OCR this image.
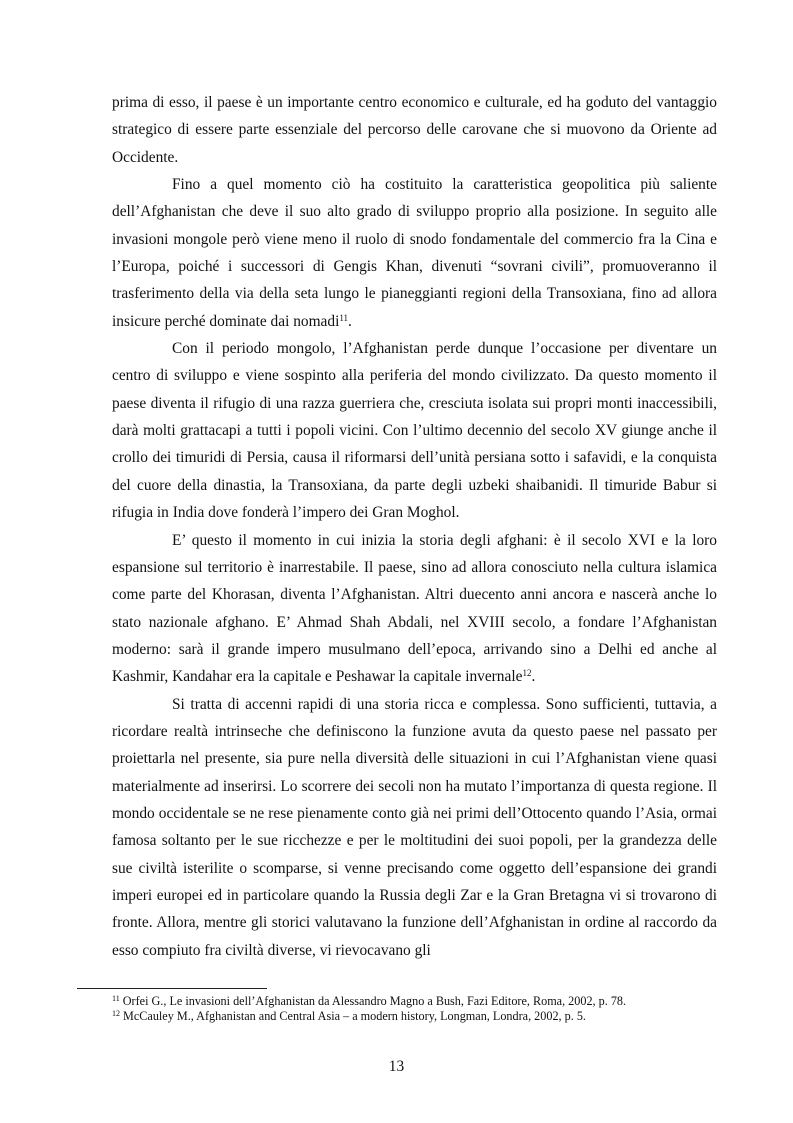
prima di esso, il paese è un importante centro economico e culturale, ed ha goduto del vantaggio strategico di essere parte essenziale del percorso delle carovane che si muovono da Oriente ad Occidente.

Fino a quel momento ciò ha costituito la caratteristica geopolitica più saliente dell’Afghanistan che deve il suo alto grado di sviluppo proprio alla posizione. In seguito alle invasioni mongole però viene meno il ruolo di snodo fondamentale del commercio fra la Cina e l’Europa, poiché i successori di Gengis Khan, divenuti “sovrani civili”, promuoveranno il trasferimento della via della seta lungo le pianeggianti regioni della Transoxiana, fino ad allora insicure perché dominate dai nomadi$^{11}$.

Con il periodo mongolo, l’Afghanistan perde dunque l’occasione per diventare un centro di sviluppo e viene sospinto alla periferia del mondo civilizzato. Da questo momento il paese diventa il rifugio di una razza guerriera che, cresciuta isolata sui propri monti inaccessibili, darà molti grattacapi a tutti i popoli vicini. Con l’ultimo decennio del secolo XV giunge anche il crollo dei timuridi di Persia, causa il riformarsi dell’unità persiana sotto i safavidi, e la conquista del cuore della dinastia, la Transoxiana, da parte degli uzbeki shaibanidi. Il timuride Babur si rifugia in India dove fonderà l’impero dei Gran Moghol.

E’ questo il momento in cui inizia la storia degli afghani: è il secolo XVI e la loro espansione sul territorio è inarrestabile. Il paese, sino ad allora conosciuto nella cultura islamica come parte del Khorasan, diventa l’Afghanistan. Altri duecento anni ancora e nascerà anche lo stato nazionale afghano. E’ Ahmad Shah Abdali, nel XVIII secolo, a fondare l’Afghanistan moderno: sarà il grande impero musulmano dell’epoca, arrivando sino a Delhi ed anche al Kashmir, Kandahar era la capitale e Peshawar la capitale invernale$^{12}$.

Si tratta di accenni rapidi di una storia ricca e complessa. Sono sufficienti, tuttavia, a ricordare realtà intrinseche che definiscono la funzione avuta da questo paese nel passato per proiettarla nel presente, sia pure nella diversità delle situazioni in cui l’Afghanistan viene quasi materialmente ad inserirsi. Lo scorrere dei secoli non ha mutato l’importanza di questa regione. Il mondo occidentale se ne rese pienamente conto già nei primi dell’Ottocento quando l’Asia, ormai famosa soltanto per le sue ricchezze e per le moltitudini dei suoi popoli, per la grandezza delle sue civiltà isterilite o scomparse, si venne precisando come oggetto dell’espansione dei grandi imperi europei ed in particolare quando la Russia degli Zar e la Gran Bretagna vi si trovarono di fronte. Allora, mentre gli storici valutavano la funzione dell’Afghanistan in ordine al raccordo da esso compiuto fra civiltà diverse, vi rievocavano gli

$^{11}$ Orfei G., Le invasioni dell’Afghanistan da Alessandro Magno a Bush, Fazi Editore, Roma, 2002, p. 78.

$^{12}$ McCauley M., Afghanistan and Central Asia – a modern history, Longman, Londra, 2002, p. 5.

13
